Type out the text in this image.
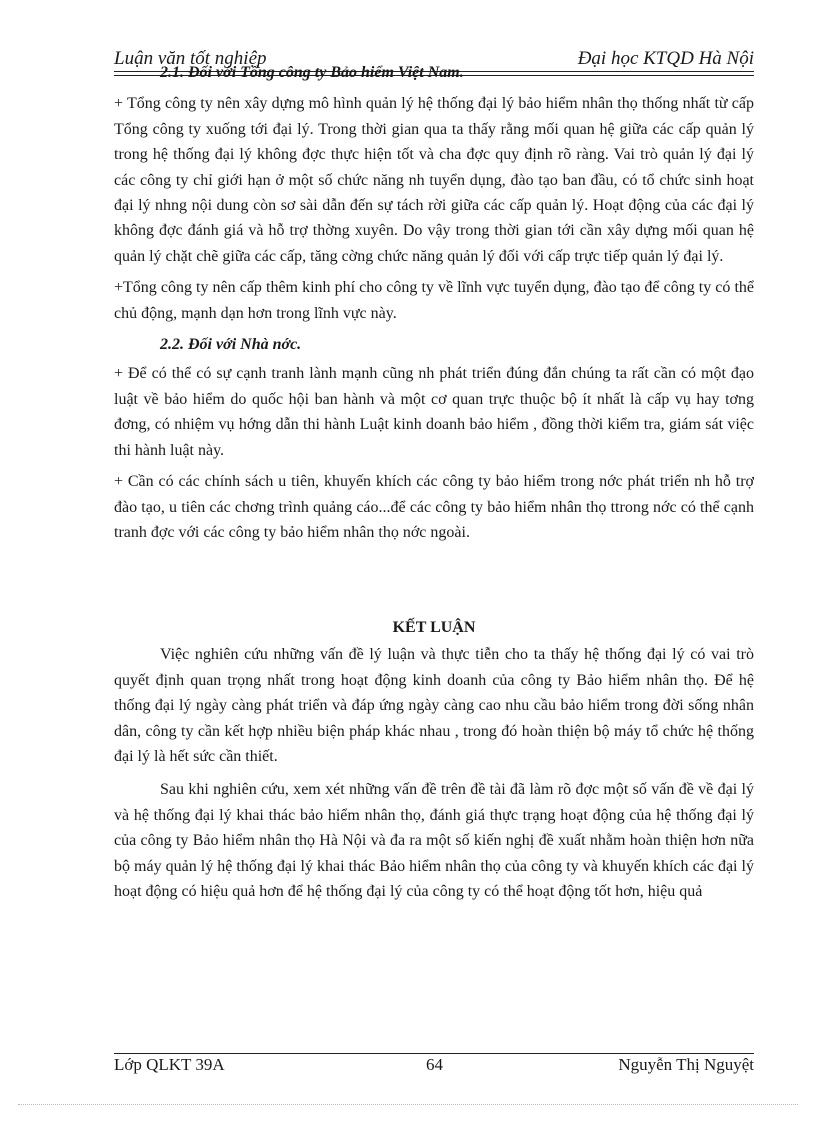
Luận văn tốt nghiệp	Đại học KTQD Hà Nội

2.1. Đối với Tổng công ty Bảo hiểm Việt Nam.

+ Tổng công ty nên xây dựng mô hình quản lý hệ thống đại lý bảo hiểm nhân thọ thống nhất từ cấp Tổng công ty xuống tới đại lý. Trong thời gian qua ta thấy rằng mối quan hệ giữa các cấp quản lý trong hệ thống đại lý không đợc thực hiện tốt và cha đợc quy định rõ ràng. Vai trò quản lý đại lý các công ty chỉ giới hạn ở một số chức năng nh tuyển dụng, đào tạo ban đầu, có tổ chức sinh hoạt đại lý nhng nội dung còn sơ sài dẫn đến sự tách rời giữa các cấp quản lý. Hoạt động của các đại lý không đợc đánh giá và hỗ trợ thờng xuyên. Do vậy trong thời gian tới cần xây dựng mối quan hệ quản lý chặt chẽ giữa các cấp, tăng cờng chức năng quản lý đối với cấp trực tiếp quản lý đại lý.

+Tổng công ty nên cấp thêm kinh phí cho công ty về lĩnh vực tuyển dụng, đào tạo để công ty có thể chủ động, mạnh dạn hơn trong lĩnh vực này.

2.2. Đối với Nhà nớc.

+ Để có thể có sự cạnh tranh lành mạnh cũng nh phát triển đúng đắn chúng ta rất cần có một đạo luật về bảo hiểm do quốc hội ban hành và một cơ quan trực thuộc bộ ít nhất là cấp vụ hay tơng đơng, có nhiệm vụ hớng dẫn thi hành Luật kinh doanh bảo hiểm , đồng thời kiểm tra, giám sát việc thi hành luật này.

+ Cần có các chính sách u tiên, khuyến khích các công ty bảo hiểm trong nớc phát triển nh hỗ trợ đào tạo, u tiên các chơng trình quảng cáo...để các công ty bảo hiểm nhân thọ ttrong nớc có thể cạnh tranh đợc với các công ty bảo hiểm nhân thọ nớc ngoài.

KẾT LUẬN

Việc nghiên cứu những vấn đề lý luận và thực tiễn cho ta thấy hệ thống đại lý có vai trò quyết định quan trọng nhất trong hoạt động kinh doanh của công ty Bảo hiểm nhân thọ. Để hệ thống đại lý ngày càng phát triển và đáp ứng ngày càng cao nhu cầu bảo hiểm trong đời sống nhân dân, công ty cần kết hợp nhiều biện pháp khác nhau , trong đó hoàn thiện bộ máy tổ chức hệ thống đại lý là hết sức cần thiết.

Sau khi nghiên cứu, xem xét những vấn đề trên đề tài đã làm rõ đợc một số vấn đề về đại lý và hệ thống đại lý khai thác bảo hiểm nhân thọ, đánh giá thực trạng hoạt động của hệ thống đại lý của công ty Bảo hiểm nhân thọ Hà Nội và đa ra một số kiến nghị đề xuất nhằm hoàn thiện hơn nữa bộ máy quản lý hệ thống đại lý khai thác Bảo hiểm nhân thọ của công ty và khuyến khích các đại lý hoạt động có hiệu quả hơn để hệ thống đại lý của công ty có thể hoạt động tốt hơn, hiệu quả

Lớp QLKT 39A	64	Nguyễn Thị Nguyệt
